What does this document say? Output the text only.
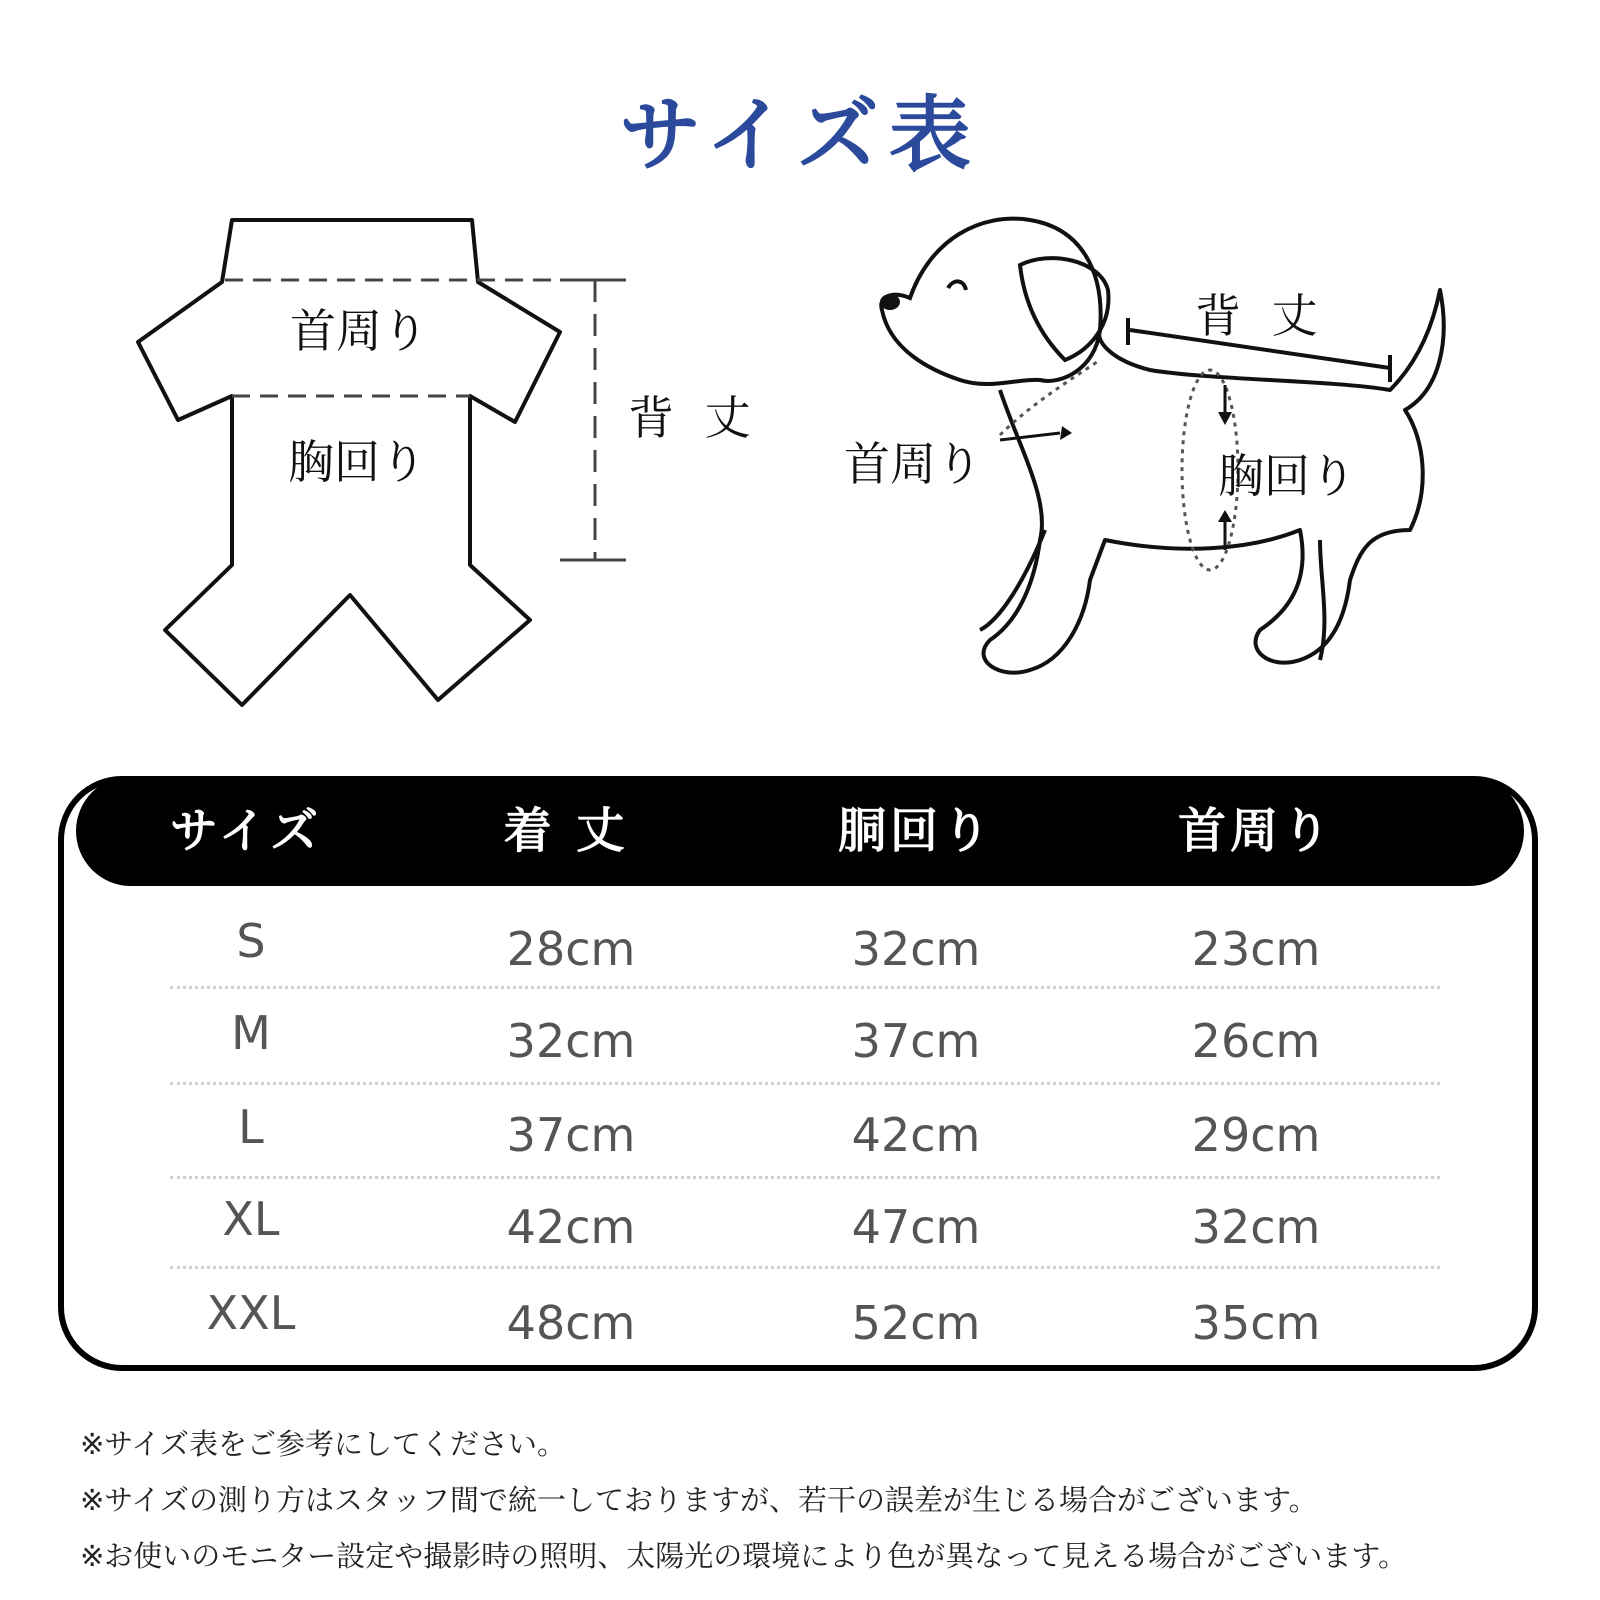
サイズ表
首周り
胸回り
背 丈
背 丈
首周り	胸回り
サイズ	着 丈	胴回り	首周り
S	28cm	32cm	23cm
M	32cm	37cm	26cm
L	37cm	42cm	29cm
XL	42cm	47cm	32cm
XXL	48cm	52cm	35cm
※サイズ表をご参考にしてください。
※サイズの測り方はスタッフ間で統一しておりますが、若干の誤差が生じる場合がございます。
※お使いのモニター設定や撮影時の照明、太陽光の環境により色が異なって見える場合がございます。
